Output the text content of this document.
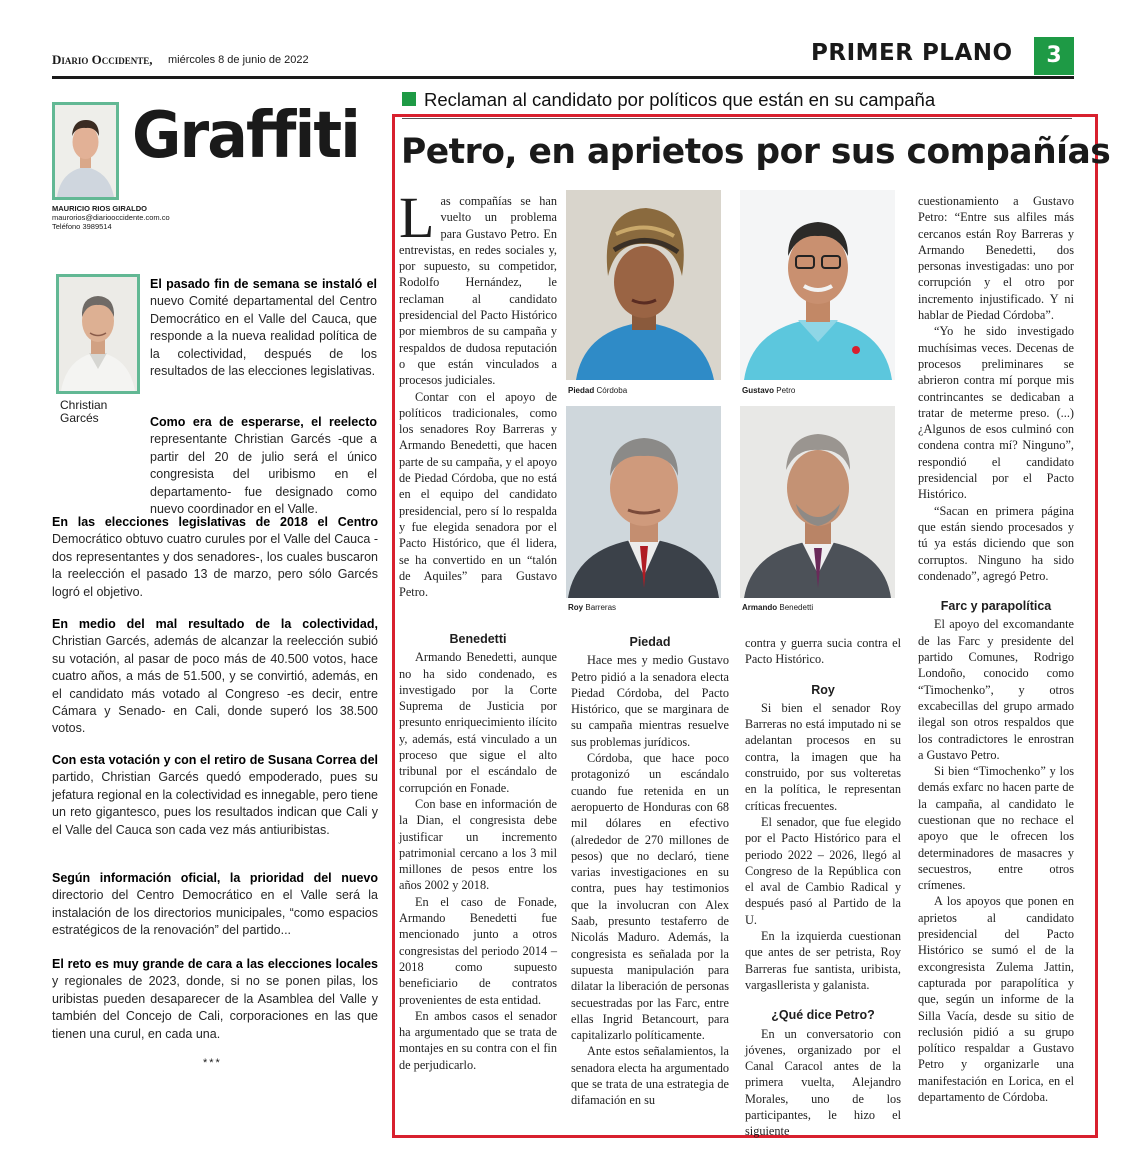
Diario Occidente, miércoles 8 de junio de 2022	PRIMER PLANO	3
Graffiti
MAURICIO RIOS GIRALDO
maurorios@diariooccidente.com.co
Teléfono 3989514
Christian
Garcés
El pasado fin de semana se instaló el nuevo Comité departamental del Centro Democrático en el Valle del Cauca, que responde a la nueva realidad política de la colectividad, después de los resultados de las elecciones legislativas.
Como era de esperarse, el reelecto representante Christian Garcés -que a partir del 20 de julio será el único congresista del uribismo en el departamento- fue designado como nuevo coordinador en el Valle.
En las elecciones legislativas de 2018 el Centro Democrático obtuvo cuatro curules por el Valle del Cauca -dos representantes y dos senadores-, los cuales buscaron la reelección el pasado 13 de marzo, pero sólo Garcés logró el objetivo.
En medio del mal resultado de la colectividad, Christian Garcés, además de alcanzar la reelección subió su votación, al pasar de poco más de 40.500 votos, hace cuatro años, a más de 51.500, y se convirtió, además, en el candidato más votado al Congreso -es decir, entre Cámara y Senado- en Cali, donde superó los 38.500 votos.
Con esta votación y con el retiro de Susana Correa del partido, Christian Garcés quedó empoderado, pues su jefatura regional en la colectividad es innegable, pero tiene un reto gigantesco, pues los resultados indican que Cali y el Valle del Cauca son cada vez más antiuribistas.
Según información oficial, la prioridad del nuevo directorio del Centro Democrático en el Valle será la instalación de los directorios municipales, “como espacios estratégicos de la renovación” del partido...
El reto es muy grande de cara a las elecciones locales y regionales de 2023, donde, si no se ponen pilas, los uribistas pueden desaparecer de la Asamblea del Valle y también del Concejo de Cali, corporaciones en las que tienen una curul, en cada una.
***
Reclaman al candidato por políticos que están en su campaña
Petro, en aprietos por sus compañías

Las compañías se han vuelto un problema para Gustavo Petro. En entrevistas, en redes sociales y, por supuesto, su competidor, Rodolfo Hernández, le reclaman al candidato presidencial del Pacto Histórico por miembros de su campaña y respaldos de dudosa reputación o que están vinculados a procesos judiciales.

Contar con el apoyo de políticos tradicionales, como los senadores Roy Barreras y Armando Benedetti, que hacen parte de su campaña, y el apoyo de Piedad Córdoba, que no está en el equipo del candidato presidencial, pero sí lo respalda y fue elegida senadora por el Pacto Histórico, que él lidera, se ha convertido en un “talón de Aquiles” para Gustavo Petro.

Piedad Córdoba	Gustavo Petro
Roy Barreras	Armando Benedetti

cuestionamiento a Gustavo Petro: “Entre sus alfiles más cercanos están Roy Barreras y Armando Benedetti, dos personas investigadas: uno por corrupción y el otro por incremento injustificado. Y ni hablar de Piedad Córdoba”.

“Yo he sido investigado muchísimas veces. Decenas de procesos preliminares se abrieron contra mí porque mis contrincantes se dedicaban a tratar de meterme preso. (...) ¿Algunos de esos culminó con condena contra mí? Ninguno”, respondió el candidato presidencial por el Pacto Histórico.

“Sacan en primera página que están siendo procesados y tú ya estás diciendo que son corruptos. Ninguno ha sido condenado”, agregó Petro.

Farc y parapolítica

El apoyo del excomandante de las Farc y presidente del partido Comunes, Rodrigo Londoño, conocido como “Timochenko”, y otros excabecillas del grupo armado ilegal son otros respaldos que los contradictores le enrostran a Gustavo Petro.

Si bien “Timochenko” y los demás exfarc no hacen parte de la campaña, al candidato le cuestionan que no rechace el apoyo que le ofrecen los determinadores de masacres y secuestros, entre otros crímenes.

A los apoyos que ponen en aprietos al candidato presidencial del Pacto Histórico se sumó el de la excongresista Zulema Jattin, capturada por parapolítica y que, según un informe de la Silla Vacía, desde su sitio de reclusión pidió a su grupo político respaldar a Gustavo Petro y organizarle una manifestación en Lorica, en el departamento de Córdoba.

Benedetti

Armando Benedetti, aunque no ha sido condenado, es investigado por la Corte Suprema de Justicia por presunto enriquecimiento ilícito y, además, está vinculado a un proceso que sigue el alto tribunal por el escándalo de corrupción en Fonade.

Con base en información de la Dian, el congresista debe justificar un incremento patrimonial cercano a los 3 mil millones de pesos entre los años 2002 y 2018.

En el caso de Fonade, Armando Benedetti fue mencionado junto a otros congresistas del periodo 2014 – 2018 como supuesto beneficiario de contratos provenientes de esta entidad.

En ambos casos el senador ha argumentado que se trata de montajes en su contra con el fin de perjudicarlo.

Piedad

Hace mes y medio Gustavo Petro pidió a la senadora electa Piedad Córdoba, del Pacto Histórico, que se marginara de su campaña mientras resuelve sus problemas jurídicos.

Córdoba, que hace poco protagonizó un escándalo cuando fue retenida en un aeropuerto de Honduras con 68 mil dólares en efectivo (alrededor de 270 millones de pesos) que no declaró, tiene varias investigaciones en su contra, pues hay testimonios que la involucran con Alex Saab, presunto testaferro de Nicolás Maduro. Además, la congresista es señalada por la supuesta manipulación para dilatar la liberación de personas secuestradas por las Farc, entre ellas Ingrid Betancourt, para capitalizarlo políticamente.

Ante estos señalamientos, la senadora electa ha argumentado que se trata de una estrategia de difamación en su

contra y guerra sucia contra el Pacto Histórico.

Roy

Si bien el senador Roy Barreras no está imputado ni se adelantan procesos en su contra, la imagen que ha construido, por sus volteretas en la política, le representan críticas frecuentes.

El senador, que fue elegido por el Pacto Histórico para el periodo 2022 – 2026, llegó al Congreso de la República con el aval de Cambio Radical y después pasó al Partido de la U.

En la izquierda cuestionan que antes de ser petrista, Roy Barreras fue santista, uribista, vargasllerista y galanista.

¿Qué dice Petro?

En un conversatorio con jóvenes, organizado por el Canal Caracol antes de la primera vuelta, Alejandro Morales, uno de los participantes, le hizo el siguiente
